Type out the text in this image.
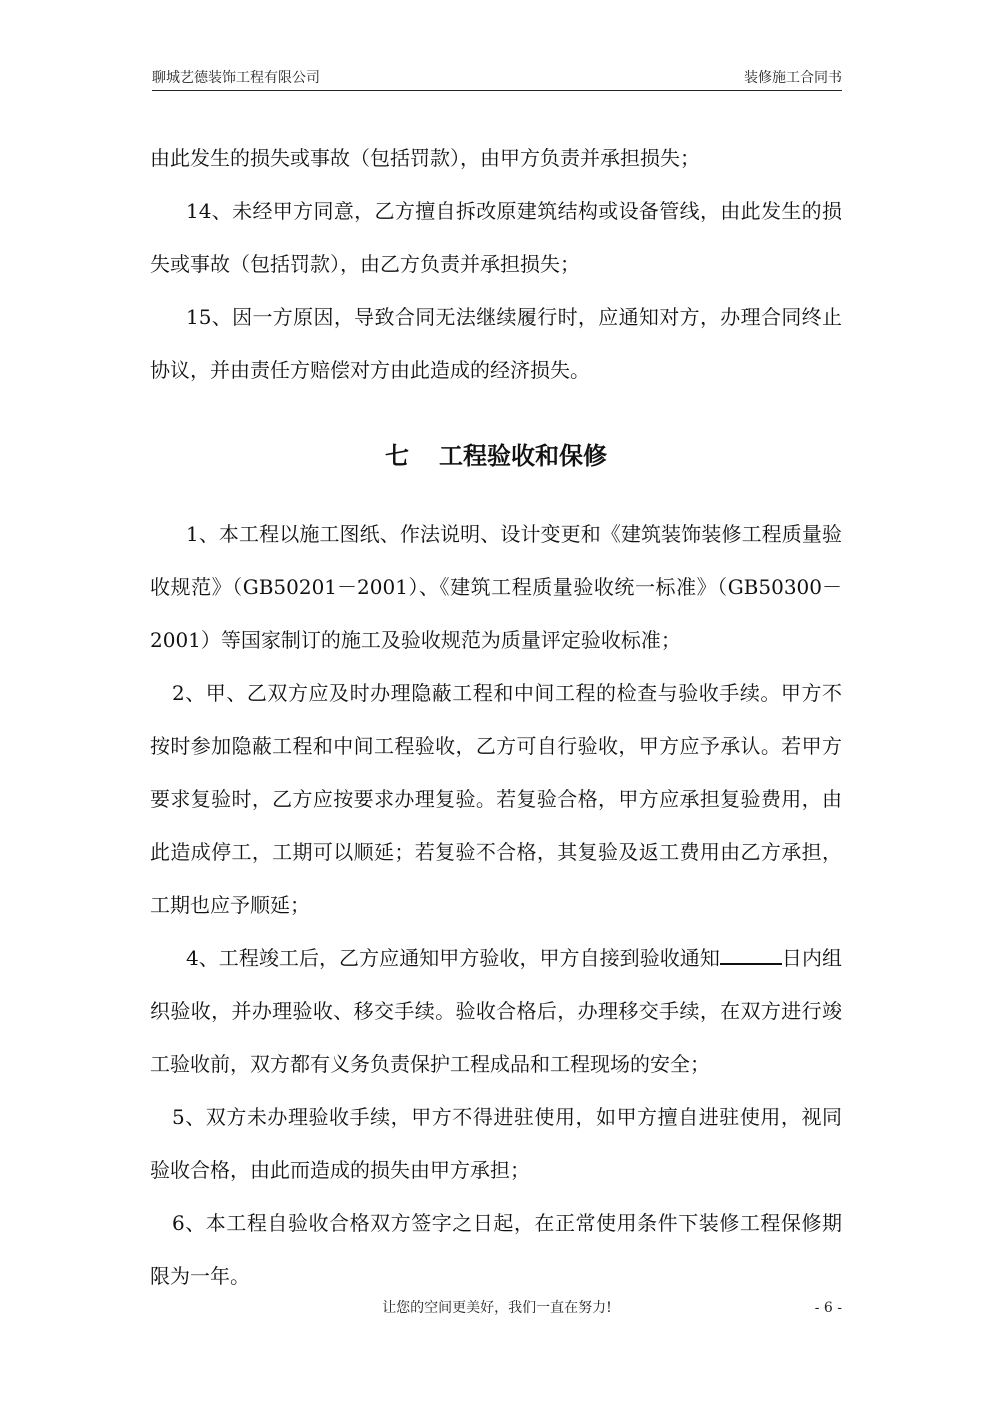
聊城艺德装饰工程有限公司	装修施工合同书

由此发生的损失或事故（包括罚款），由甲方负责并承担损失；

14、未经甲方同意，乙方擅自拆改原建筑结构或设备管线，由此发生的损失或事故（包括罚款），由乙方负责并承担损失；

15、因一方原因，导致合同无法继续履行时，应通知对方，办理合同终止协议，并由责任方赔偿对方由此造成的经济损失。

七 工程验收和保修

1、本工程以施工图纸、作法说明、设计变更和《建筑装饰装修工程质量验收规范》（GB50201－2001）、《建筑工程质量验收统一标准》（GB50300－2001）等国家制订的施工及验收规范为质量评定验收标准；

2、甲、乙双方应及时办理隐蔽工程和中间工程的检查与验收手续。甲方不按时参加隐蔽工程和中间工程验收，乙方可自行验收，甲方应予承认。若甲方要求复验时，乙方应按要求办理复验。若复验合格，甲方应承担复验费用，由此造成停工，工期可以顺延；若复验不合格，其复验及返工费用由乙方承担，工期也应予顺延；

4、工程竣工后，乙方应通知甲方验收，甲方自接到验收通知	日内组织验收，并办理验收、移交手续。验收合格后，办理移交手续，在双方进行竣工验收前，双方都有义务负责保护工程成品和工程现场的安全；

5、双方未办理验收手续，甲方不得进驻使用，如甲方擅自进驻使用，视同验收合格，由此而造成的损失由甲方承担；

6、本工程自验收合格双方签字之日起，在正常使用条件下装修工程保修期限为一年。

让您的空间更美好，我们一直在努力!	- 6 -
